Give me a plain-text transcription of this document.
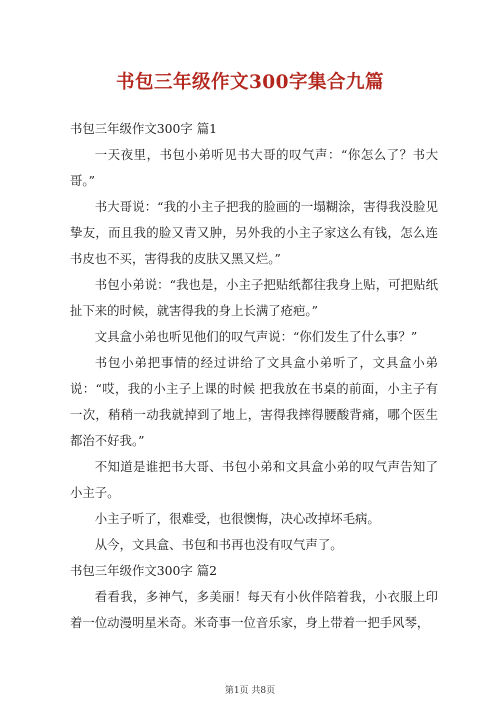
书包三年级作文300字集合九篇

书包三年级作文300字 篇1

一天夜里，书包小弟听见书大哥的叹气声：“你怎么了？书大哥。”

书大哥说：“我的小主子把我的脸画的一塌糊涂，害得我没脸见挚友，而且我的脸又青又肿，另外我的小主子家这么有钱，怎么连书皮也不买，害得我的皮肤又黑又烂。”

书包小弟说：“我也是，小主子把贴纸都往我身上贴，可把贴纸扯下来的时候，就害得我的身上长满了疮疤。”

文具盒小弟也听见他们的叹气声说：“你们发生了什么事？”

书包小弟把事情的经过讲给了文具盒小弟听了，文具盒小弟说：“哎，我的小主子上课的时候 把我放在书桌的前面，小主子有一次，稍稍一动我就掉到了地上，害得我摔得腰酸背痛，哪个医生都治不好我。”

不知道是谁把书大哥、书包小弟和文具盒小弟的叹气声告知了小主子。

小主子听了，很难受，也很懊悔，决心改掉坏毛病。

从今，文具盒、书包和书再也没有叹气声了。

书包三年级作文300字 篇2

看看我，多神气，多美丽！每天有小伙伴陪着我，小衣服上印着一位动漫明星米奇。米奇事一位音乐家，身上带着一把手风琴，

第1页 共8页
